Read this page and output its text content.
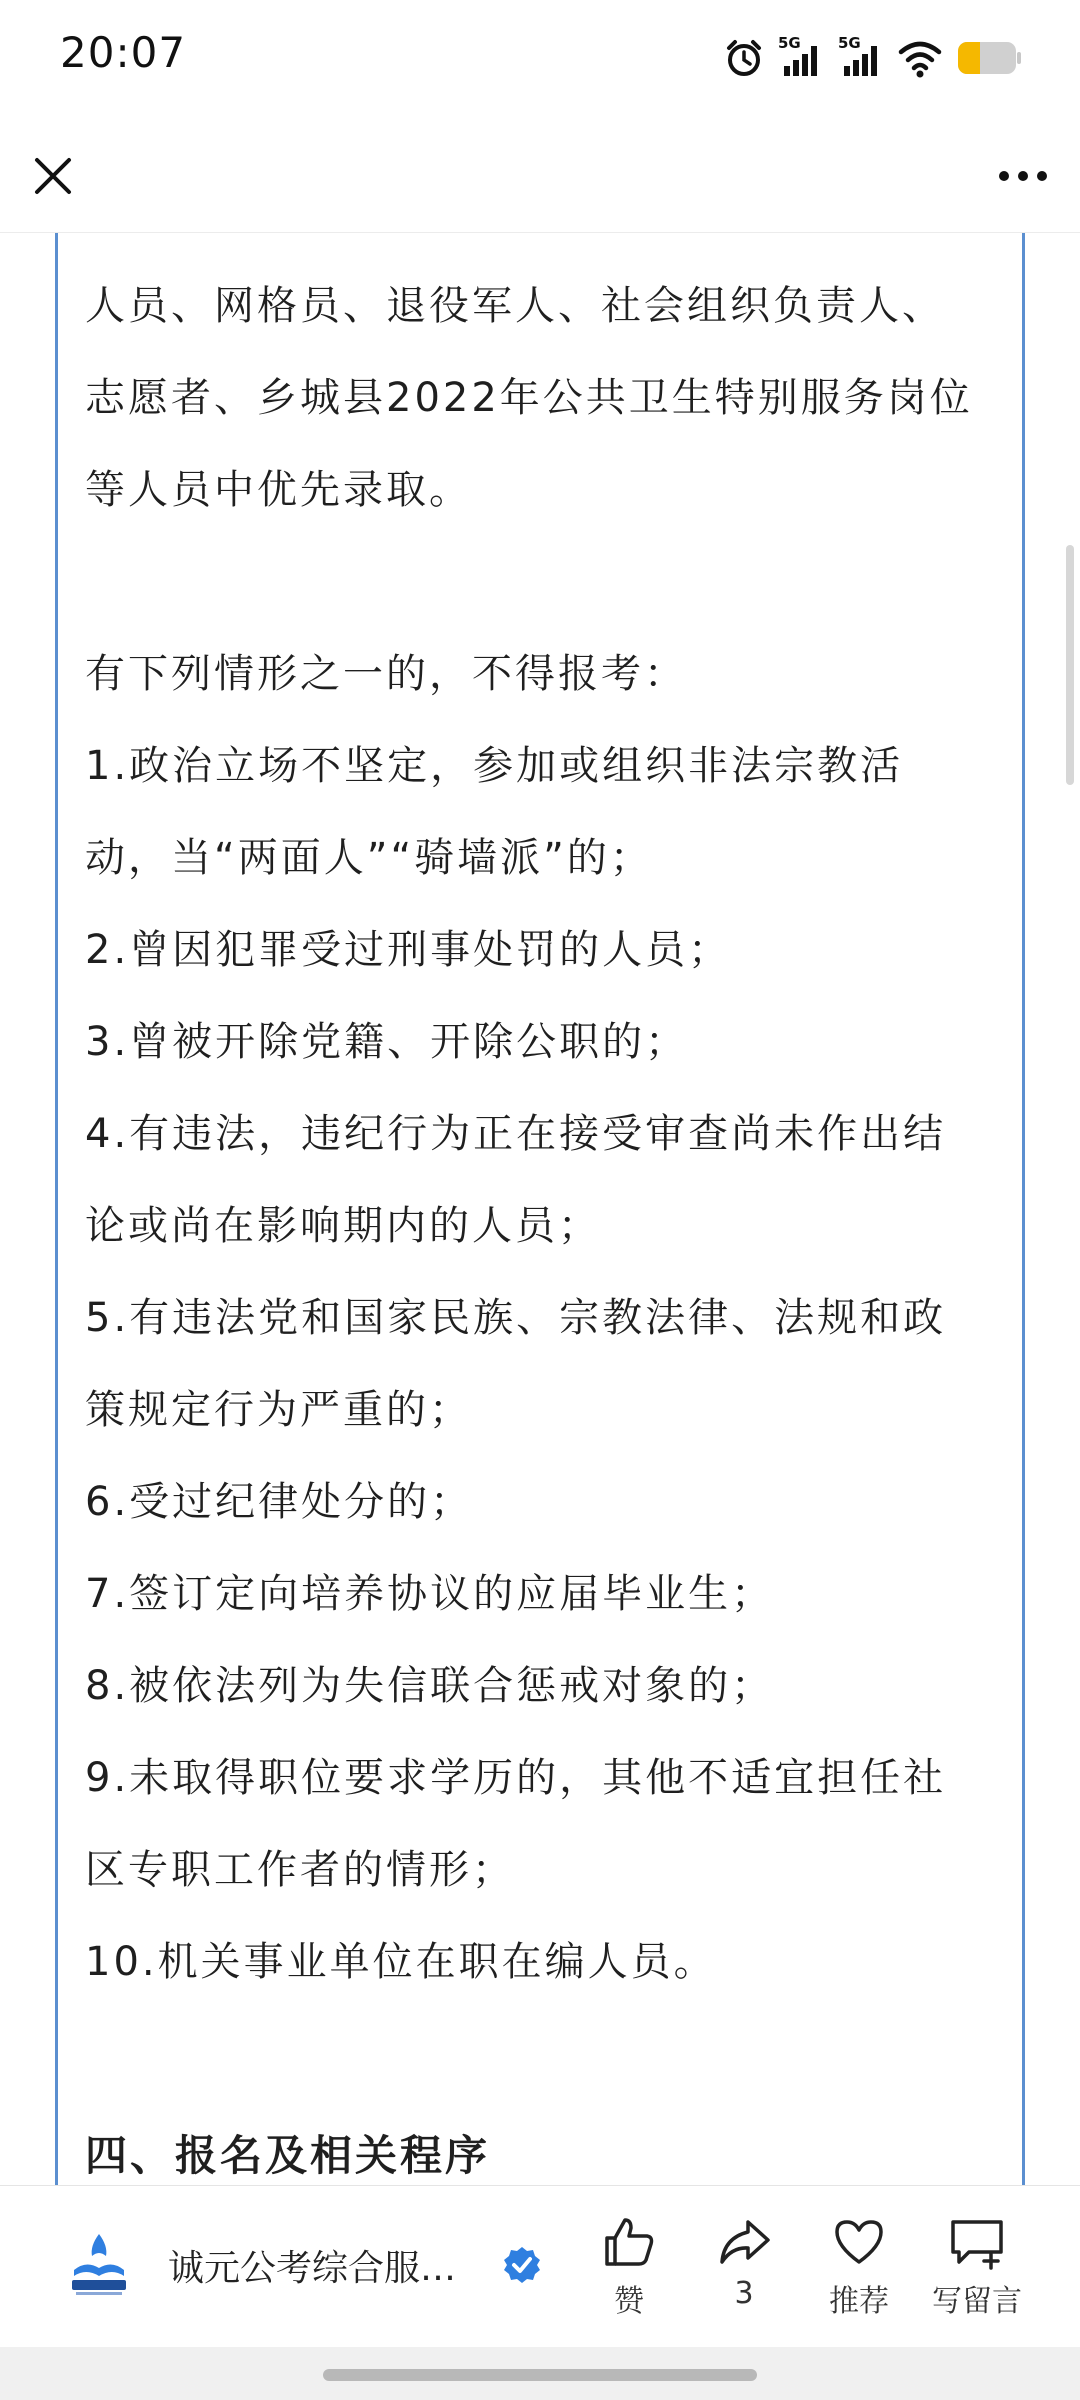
20:07	5G 5G
人员、网格员、退役军人、社会组织负责人、
志愿者、乡城县2022年公共卫生特别服务岗位
等人员中优先录取。
有下列情形之一的，不得报考：
1.政治立场不坚定，参加或组织非法宗教活
动，当“两面人”“骑墙派”的；
2.曾因犯罪受过刑事处罚的人员；
3.曾被开除党籍、开除公职的；
4.有违法，违纪行为正在接受审查尚未作出结
论或尚在影响期内的人员；
5.有违法党和国家民族、宗教法律、法规和政
策规定行为严重的；
6.受过纪律处分的；
7.签订定向培养协议的应届毕业生；
8.被依法列为失信联合惩戒对象的；
9.未取得职位要求学历的，其他不适宜担任社
区专职工作者的情形；
10.机关事业单位在职在编人员。
四、报名及相关程序
诚元公考综合服…
赞	3	推荐 写留言
